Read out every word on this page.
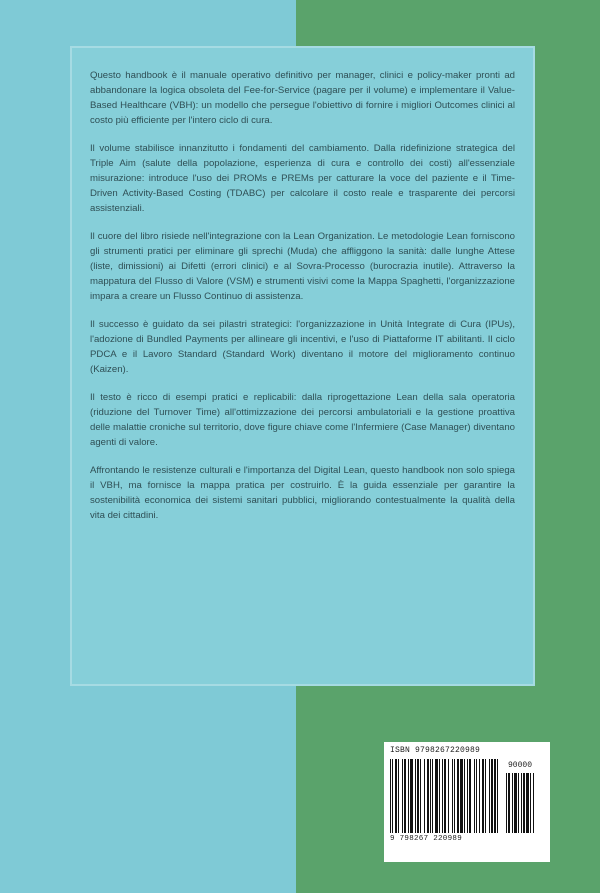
Questo handbook è il manuale operativo definitivo per manager, clinici e policy-maker pronti ad abbandonare la logica obsoleta del Fee-for-Service (pagare per il volume) e implementare il Value-Based Healthcare (VBH): un modello che persegue l'obiettivo di fornire i migliori Outcomes clinici al costo più efficiente per l'intero ciclo di cura.

Il volume stabilisce innanzitutto i fondamenti del cambiamento. Dalla ridefinizione strategica del Triple Aim (salute della popolazione, esperienza di cura e controllo dei costi) all'essenziale misurazione: introduce l'uso dei PROMs e PREMs per catturare la voce del paziente e il Time-Driven Activity-Based Costing (TDABC) per calcolare il costo reale e trasparente dei percorsi assistenziali.

Il cuore del libro risiede nell'integrazione con la Lean Organization. Le metodologie Lean forniscono gli strumenti pratici per eliminare gli sprechi (Muda) che affliggono la sanità: dalle lunghe Attese (liste, dimissioni) ai Difetti (errori clinici) e al Sovra-Processo (burocrazia inutile). Attraverso la mappatura del Flusso di Valore (VSM) e strumenti visivi come la Mappa Spaghetti, l'organizzazione impara a creare un Flusso Continuo di assistenza.

Il successo è guidato da sei pilastri strategici: l'organizzazione in Unità Integrate di Cura (IPUs), l'adozione di Bundled Payments per allineare gli incentivi, e l'uso di Piattaforme IT abilitanti. Il ciclo PDCA e il Lavoro Standard (Standard Work) diventano il motore del miglioramento continuo (Kaizen).

Il testo è ricco di esempi pratici e replicabili: dalla riprogettazione Lean della sala operatoria (riduzione del Turnover Time) all'ottimizzazione dei percorsi ambulatoriali e la gestione proattiva delle malattie croniche sul territorio, dove figure chiave come l'Infermiere (Case Manager) diventano agenti di valore.

Affrontando le resistenze culturali e l'importanza del Digital Lean, questo handbook non solo spiega il VBH, ma fornisce la mappa pratica per costruirlo. È la guida essenziale per garantire la sostenibilità economica dei sistemi sanitari pubblici, migliorando contestualmente la qualità della vita dei cittadini.

ISBN 9798267220989
90000
9 798267 220989
